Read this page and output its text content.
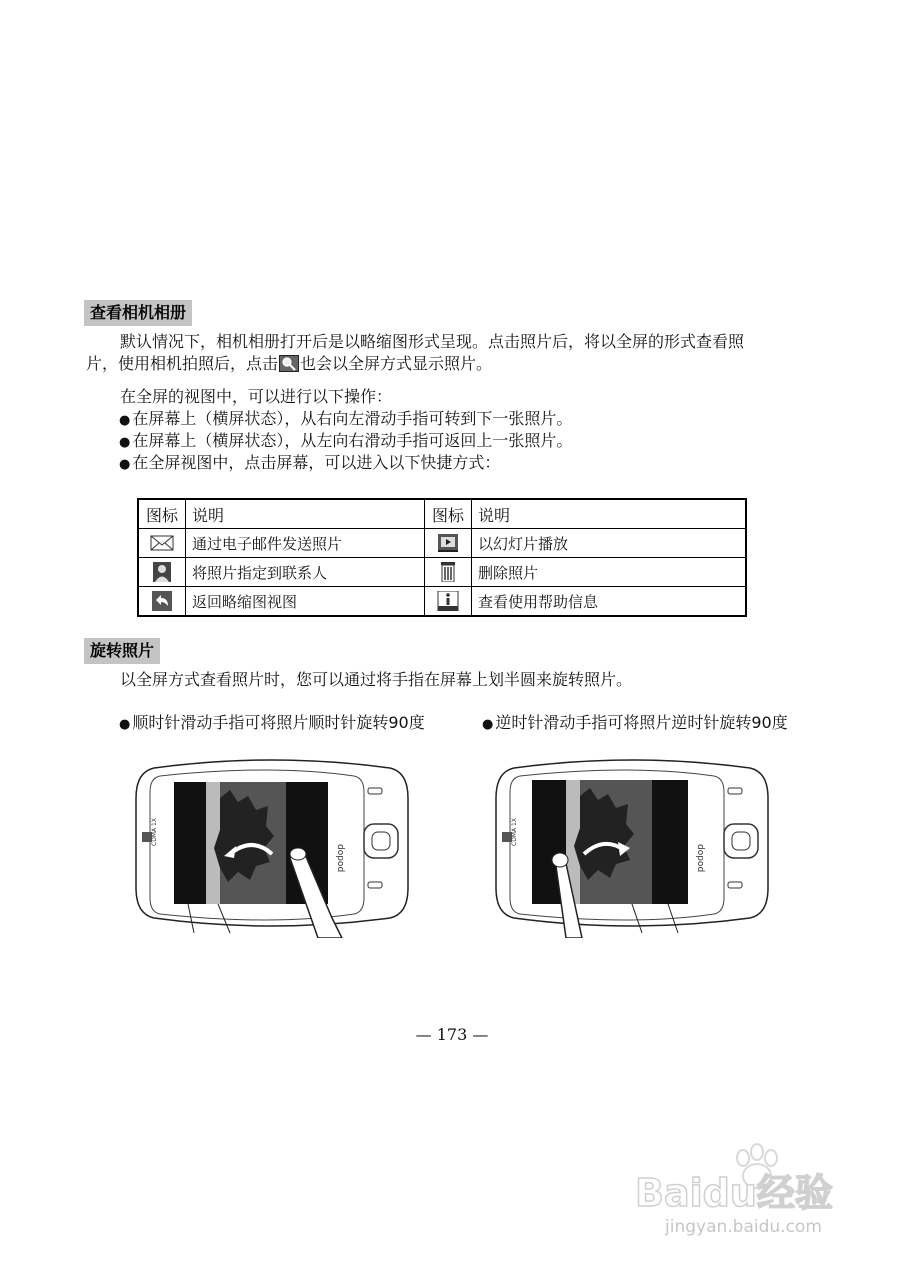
查看相机相册
默认情况下，相机相册打开后是以略缩图形式呈现。点击照片后，将以全屏的形式查看照
片，使用相机拍照后，点击 也会以全屏方式显示照片。
在全屏的视图中，可以进行以下操作：
● 在屏幕上（横屏状态），从右向左滑动手指可转到下一张照片。
● 在屏幕上（横屏状态），从左向右滑动手指可返回上一张照片。
● 在全屏视图中，点击屏幕，可以进入以下快捷方式：
图标	说明	图标	说明
	通过电子邮件发送照片		以幻灯片播放
	将照片指定到联系人		删除照片
	返回略缩图视图		查看使用帮助信息
旋转照片
以全屏方式查看照片时，您可以通过将手指在屏幕上划半圆来旋转照片。
● 顺时针滑动手指可将照片顺时针旋转90度	● 逆时针滑动手指可将照片逆时针旋转90度
dopod
CDMA 1X
dopod
CDMA 1X
— 173 —
Baidu经验
jingyan.baidu.com
